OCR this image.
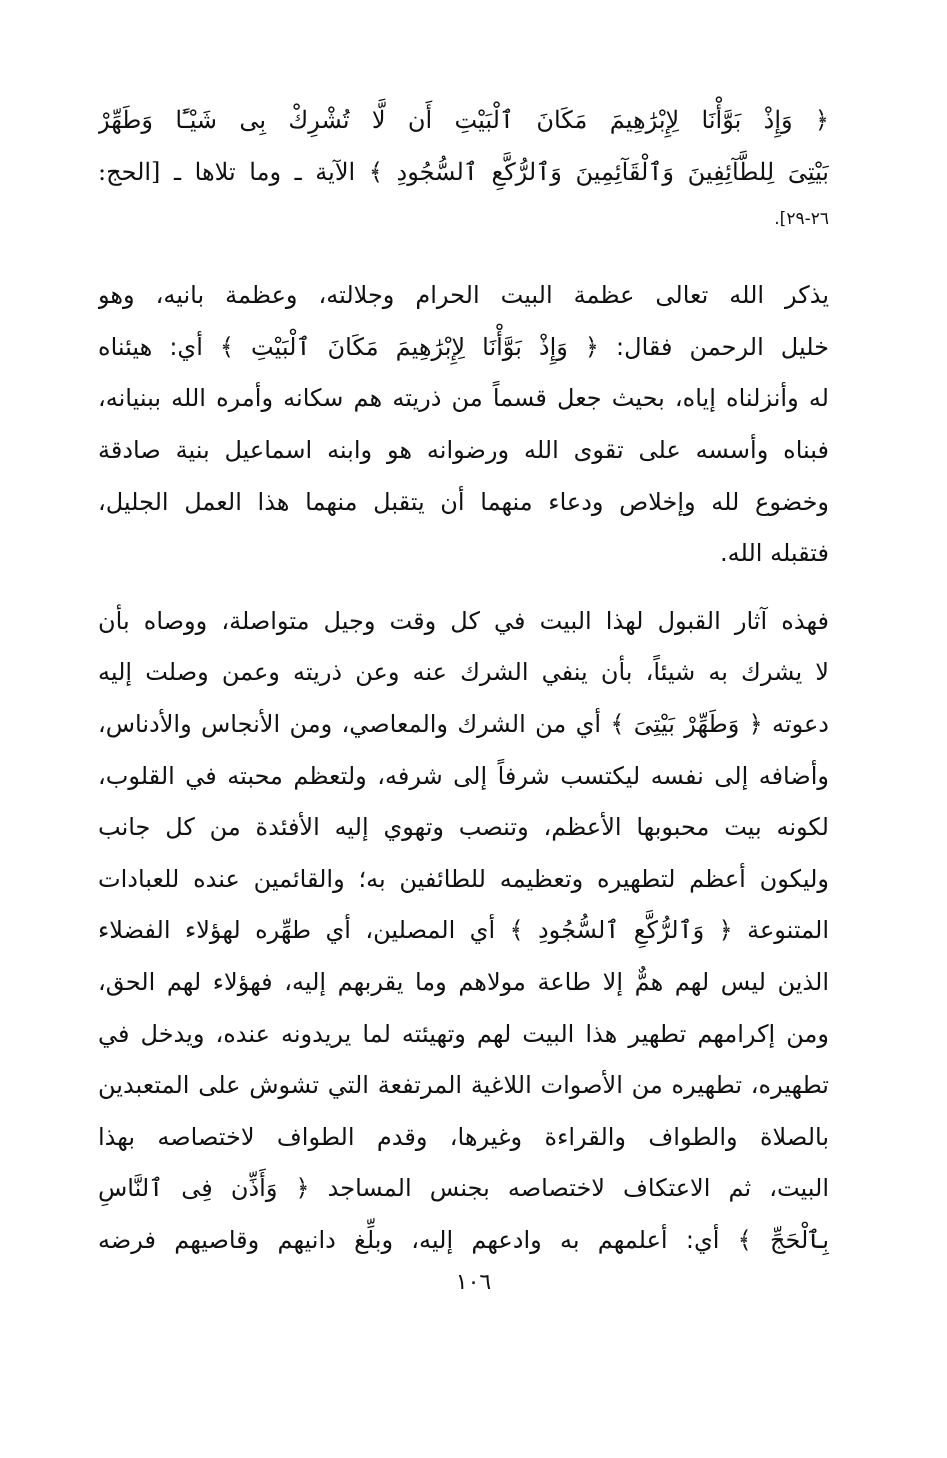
﴿ وَإِذْ بَوَّأْنَا لِإِبْرَٰهِيمَ مَكَانَ ٱلْبَيْتِ أَن لَّا تُشْرِكْ بِى شَيْـًٔا وَطَهِّرْ
بَيْتِىَ لِلطَّآئِفِينَ وَٱلْقَآئِمِينَ وَٱلرُّكَّعِ ٱلسُّجُودِ ﴾ الآية ـ وما تلاها ـ [الحج:
٢٦-٢٩].
يذكر الله تعالى عظمة البيت الحرام وجلالته، وعظمة بانيه، وهو
خليل الرحمن فقال: ﴿ وَإِذْ بَوَّأْنَا لِإِبْرَٰهِيمَ مَكَانَ ٱلْبَيْتِ ﴾ أي: هيئناه
له وأنزلناه إياه، بحيث جعل قسماً من ذريته هم سكانه وأمره الله ببنيانه،
فبناه وأسسه على تقوى الله ورضوانه هو وابنه اسماعيل بنية صادقة
وخضوع لله وإخلاص ودعاء منهما أن يتقبل منهما هذا العمل الجليل،
فتقبله الله.
فهذه آثار القبول لهذا البيت في كل وقت وجيل متواصلة، ووصاه بأن
لا يشرك به شيئاً، بأن ينفي الشرك عنه وعن ذريته وعمن وصلت إليه
دعوته ﴿ وَطَهِّرْ بَيْتِىَ ﴾ أي من الشرك والمعاصي، ومن الأنجاس والأدناس،
وأضافه إلى نفسه ليكتسب شرفاً إلى شرفه، ولتعظم محبته في القلوب،
لكونه بيت محبوبها الأعظم، وتنصب وتهوي إليه الأفئدة من كل جانب
وليكون أعظم لتطهيره وتعظيمه للطائفين به؛ والقائمين عنده للعبادات
المتنوعة ﴿ وَٱلرُّكَّعِ ٱلسُّجُودِ ﴾ أي المصلين، أي طهِّره لهؤلاء الفضلاء
الذين ليس لهم همٌّ إلا طاعة مولاهم وما يقربهم إليه، فهؤلاء لهم الحق،
ومن إكرامهم تطهير هذا البيت لهم وتهيئته لما يريدونه عنده، ويدخل في
تطهيره، تطهيره من الأصوات اللاغية المرتفعة التي تشوش على المتعبدين
بالصلاة والطواف والقراءة وغيرها، وقدم الطواف لاختصاصه بهذا
البيت، ثم الاعتكاف لاختصاصه بجنس المساجد ﴿ وَأَذِّن فِى ٱلنَّاسِ
بِٱلْحَجِّ ﴾ أي: أعلمهم به وادعهم إليه، وبلِّغ دانيهم وقاصيهم فرضه
١٠٦
